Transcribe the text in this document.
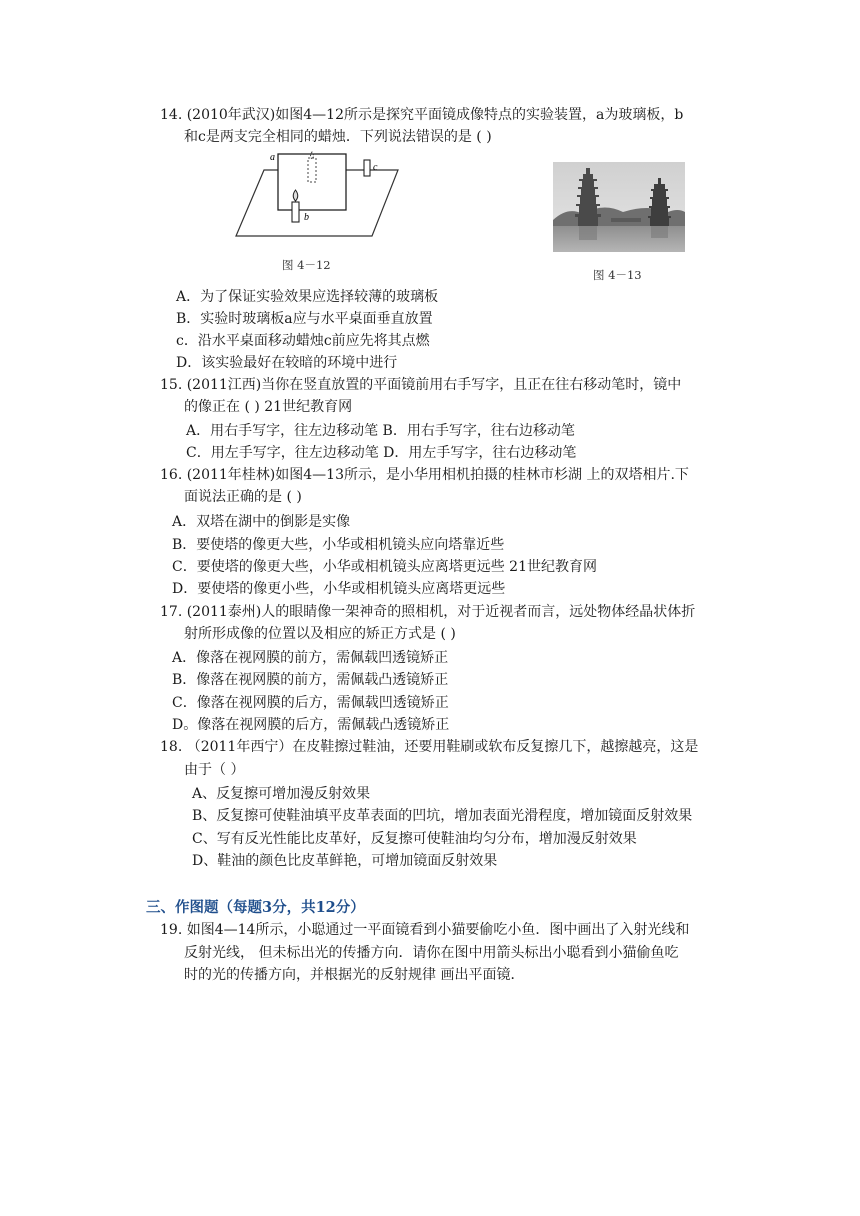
14. (2010年武汉)如图4—12所示是探究平面镜成像特点的实验装置，a为玻璃板，b
和c是两支完全相同的蜡烛．下列说法错误的是 ( )
a
b
c
图 4－12
图 4－13
A．为了保证实验效果应选择较薄的玻璃板
B．实验时玻璃板a应与水平桌面垂直放置
c．沿水平桌面移动蜡烛c前应先将其点燃
D．该实验最好在较暗的环境中进行
15. (2011江西)当你在竖直放置的平面镜前用右手写字，且正在往右移动笔时，镜中
的像正在 ( ) 21世纪教育网
A．用右手写字，往左边移动笔 B．用右手写字，往右边移动笔
C．用左手写字，往左边移动笔 D．用左手写字，往右边移动笔
16. (2011年桂林)如图4—13所示，是小华用相机拍摄的桂林市杉湖 上的双塔相片.下
面说法正确的是 ( )
A．双塔在湖中的倒影是实像
B．要使塔的像更大些，小华或相机镜头应向塔靠近些
C．要使塔的像更大些，小华或相机镜头应离塔更远些 21世纪教育网
D．要使塔的像更小些，小华或相机镜头应离塔更远些
17. (2011泰州)人的眼睛像一架神奇的照相机，对于近视者而言，远处物体经晶状体折
射所形成像的位置以及相应的矫正方式是 ( )
A．像落在视网膜的前方，需佩载凹透镜矫正
B．像落在视网膜的前方，需佩载凸透镜矫正
C．像落在视网膜的后方，需佩载凹透镜矫正
D。像落在视网膜的后方，需佩载凸透镜矫正
18. （2011年西宁）在皮鞋擦过鞋油，还要用鞋刷或软布反复擦几下，越擦越亮，这是
由于（ ）
A、反复擦可增加漫反射效果
B、反复擦可使鞋油填平皮革表面的凹坑，增加表面光滑程度，增加镜面反射效果
C、写有反光性能比皮革好，反复擦可使鞋油均匀分布，增加漫反射效果
D、鞋油的颜色比皮革鲜艳，可增加镜面反射效果
三、作图题（每题3分，共12分）
19. 如图4—14所示，小聪通过一平面镜看到小猫要偷吃小鱼．图中画出了入射光线和
反射光线， 但未标出光的传播方向．请你在图中用箭头标出小聪看到小猫偷鱼吃
时的光的传播方向，并根据光的反射规律 画出平面镜．
